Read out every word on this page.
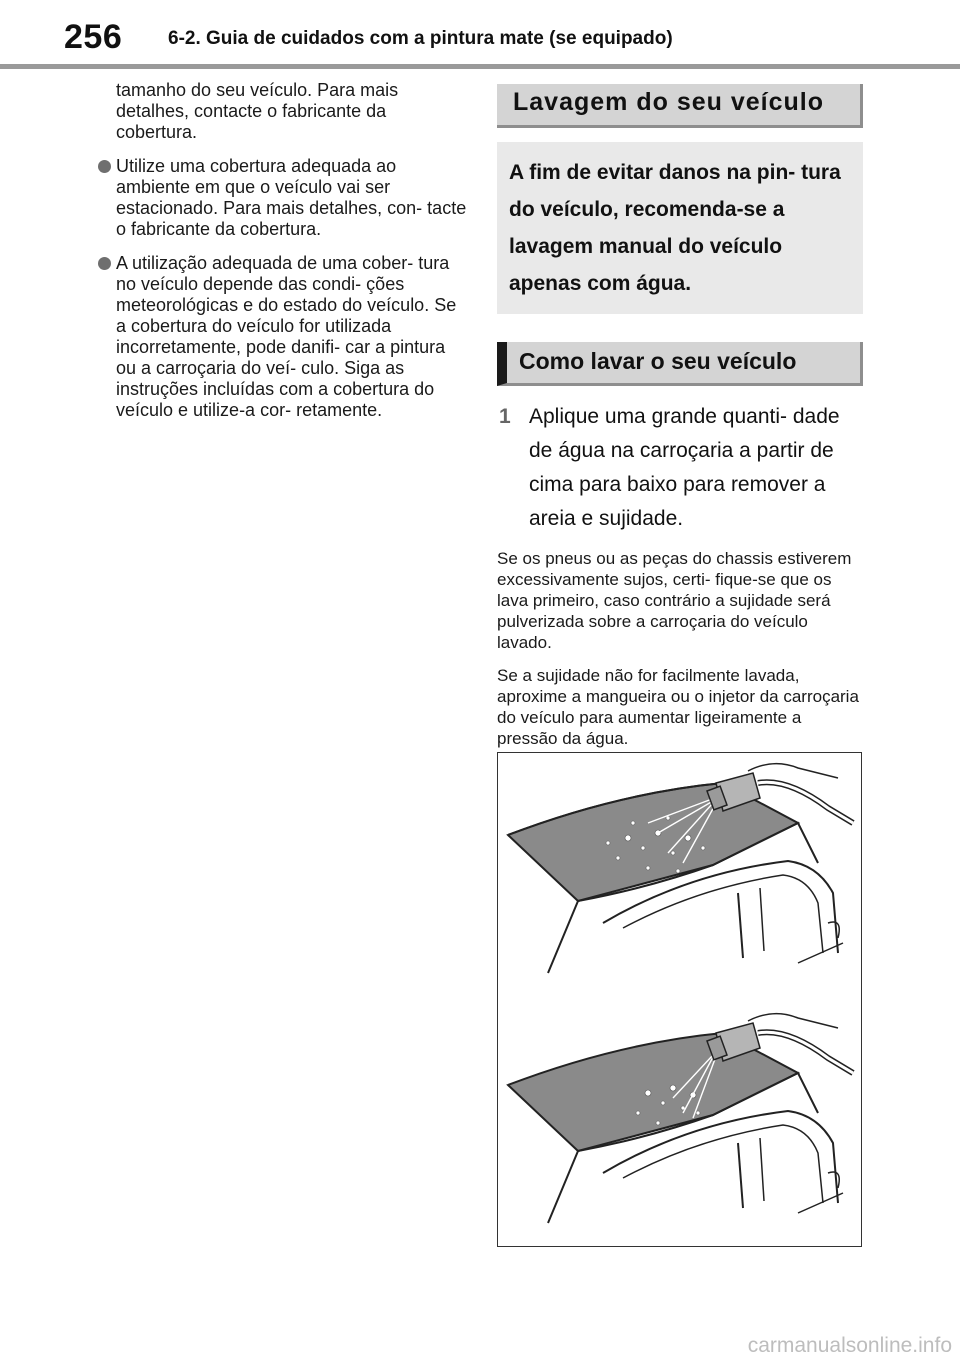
256 6-2. Guia de cuidados com a pintura mate (se equipado)

tamanho do seu veículo. Para mais detalhes, contacte o fabricante da cobertura.

Utilize uma cobertura adequada ao ambiente em que o veículo vai ser estacionado. Para mais detalhes, con- tacte o fabricante da cobertura.
A utilização adequada de uma cober- tura no veículo depende das condi- ções meteorológicas e do estado do veículo. Se a cobertura do veículo for utilizada incorretamente, pode danifi- car a pintura ou a carroçaria do veí- culo. Siga as instruções incluídas com a cobertura do veículo e utilize-a cor- retamente.
Lavagem do seu veículo
A fim de evitar danos na pin- tura do veículo, recomenda-se a lavagem manual do veículo apenas com água.
Como lavar o seu veículo
1 Aplique uma grande quanti- dade de água na carroçaria a partir de cima para baixo para remover a areia e sujidade.

Se os pneus ou as peças do chassis estiverem excessivamente sujos, certi- fique-se que os lava primeiro, caso contrário a sujidade será pulverizada sobre a carroçaria do veículo lavado.

Se a sujidade não for facilmente lavada, aproxime a mangueira ou o injetor da carroçaria do veículo para aumentar ligeiramente a pressão da água.

carmanualsonline.info
